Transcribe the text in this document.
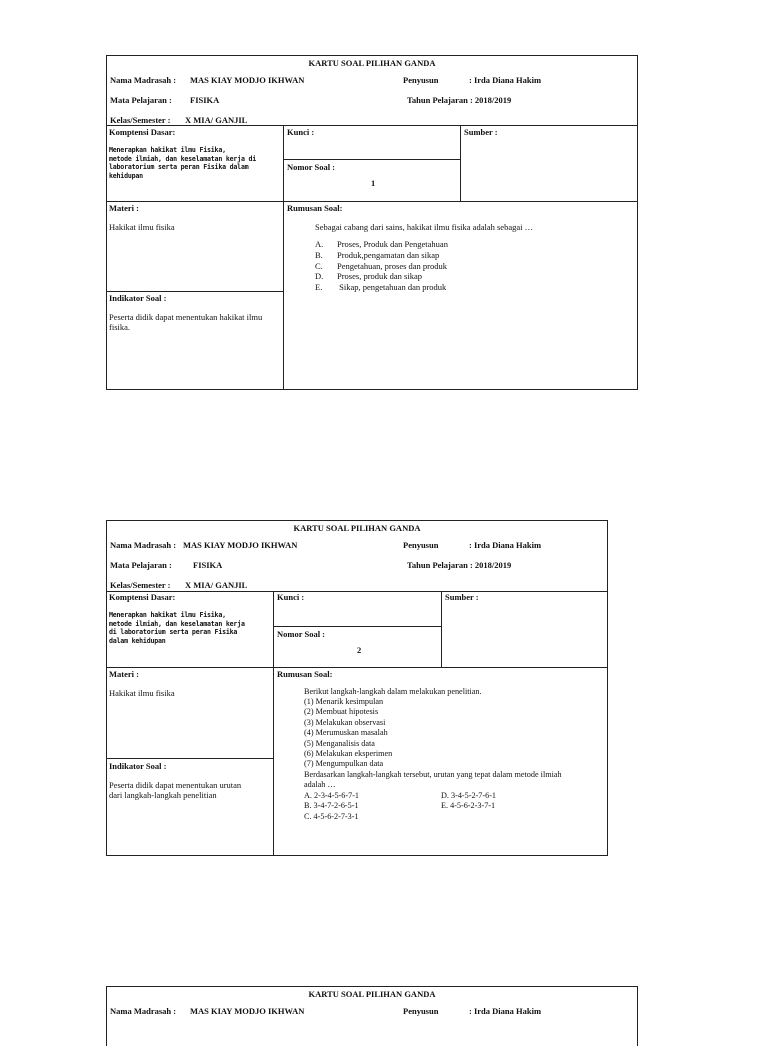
KARTU SOAL PILIHAN GANDA
Nama Madrasah : MAS KIAY MODJO IKHWAN	Penyusun	: Irda Diana Hakim
Mata Pelajaran : FISIKA	Tahun Pelajaran : 2018/2019
Kelas/Semester : X MIA/ GANJIL
Komptensi Dasar:
Menerapkan hakikat ilmu Fisika,
metode ilmiah, dan keselamatan kerja di
laboratorium serta peran Fisika dalam
kehidupan
Kunci :	Sumber :
Nomor Soal :
1
Materi :
Hakikat ilmu fisika
Rumusan Soal:
Sebagai cabang dari sains, hakikat ilmu fisika adalah sebagai …
A. Proses, Produk dan Pengetahuan
B. Produk,pengamatan dan sikap
C. Pengetahuan, proses dan produk
D. Proses, produk dan sikap
E. Sikap, pengetahuan dan produk
Indikator Soal :
Peserta didik dapat menentukan hakikat ilmu
fisika.
KARTU SOAL PILIHAN GANDA
Nama Madrasah : MAS KIAY MODJO IKHWAN	Penyusun	: Irda Diana Hakim
Mata Pelajaran : FISIKA	Tahun Pelajaran : 2018/2019
Kelas/Semester : X MIA/ GANJIL
Komptensi Dasar:
Menerapkan hakikat ilmu Fisika,
metode ilmiah, dan keselamatan kerja
di laboratorium serta peran Fisika
dalam kehidupan
Kunci :	Sumber :
Nomor Soal :
2
Materi :
Hakikat ilmu fisika
Rumusan Soal:
Berikut langkah-langkah dalam melakukan penelitian.
(1) Menarik kesimpulan
(2) Membuat hipotesis
(3) Melakukan observasi
(4) Merumuskan masalah
(5) Menganalisis data
(6) Melakukan eksperimen
(7) Mengumpulkan data
Berdasarkan langkah-langkah tersebut, urutan yang tepat dalam metode ilmiah
adalah …
A. 2-3-4-5-6-7-1	D. 3-4-5-2-7-6-1
B. 3-4-7-2-6-5-1	E. 4-5-6-2-3-7-1
C. 4-5-6-2-7-3-1
Indikator Soal :
Peserta didik dapat menentukan urutan
dari langkah-langkah penelitian
KARTU SOAL PILIHAN GANDA
Nama Madrasah : MAS KIAY MODJO IKHWAN	Penyusun	: Irda Diana Hakim
